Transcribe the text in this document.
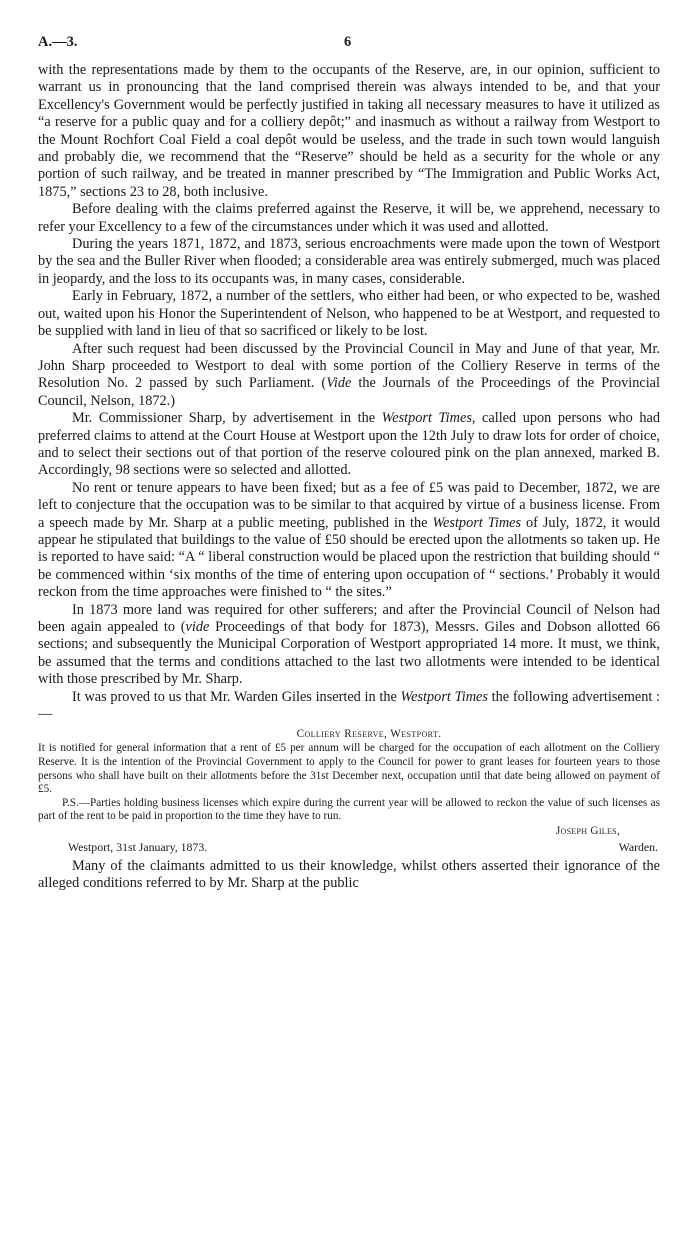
A.—3.	6

with the representations made by them to the occupants of the Reserve, are, in our opinion, sufficient to warrant us in pronouncing that the land comprised therein was always intended to be, and that your Excellency's Government would be perfectly justified in taking all necessary measures to have it utilized as “a reserve for a public quay and for a colliery depôt;” and inasmuch as without a railway from Westport to the Mount Rochfort Coal Field a coal depôt would be useless, and the trade in such town would languish and probably die, we recommend that the “Reserve” should be held as a security for the whole or any portion of such railway, and be treated in manner prescribed by “The Immigration and Public Works Act, 1875,” sections 23 to 28, both inclusive.

Before dealing with the claims preferred against the Reserve, it will be, we apprehend, necessary to refer your Excellency to a few of the circumstances under which it was used and allotted.

During the years 1871, 1872, and 1873, serious encroachments were made upon the town of Westport by the sea and the Buller River when flooded; a considerable area was entirely submerged, much was placed in jeopardy, and the loss to its occupants was, in many cases, considerable.

Early in February, 1872, a number of the settlers, who either had been, or who expected to be, washed out, waited upon his Honor the Superintendent of Nelson, who happened to be at Westport, and requested to be supplied with land in lieu of that so sacrificed or likely to be lost.

After such request had been discussed by the Provincial Council in May and June of that year, Mr. John Sharp proceeded to Westport to deal with some portion of the Colliery Reserve in terms of the Resolution No. 2 passed by such Parliament. (Vide the Journals of the Proceedings of the Provincial Council, Nelson, 1872.)

Mr. Commissioner Sharp, by advertisement in the Westport Times, called upon persons who had preferred claims to attend at the Court House at Westport upon the 12th July to draw lots for order of choice, and to select their sections out of that portion of the reserve coloured pink on the plan annexed, marked B. Accordingly, 98 sections were so selected and allotted.

No rent or tenure appears to have been fixed; but as a fee of £5 was paid to December, 1872, we are left to conjecture that the occupation was to be similar to that acquired by virtue of a business license. From a speech made by Mr. Sharp at a public meeting, published in the Westport Times of July, 1872, it would appear he stipulated that buildings to the value of £50 should be erected upon the allotments so taken up. He is reported to have said: “A “ liberal construction would be placed upon the restriction that building should “ be commenced within ‘six months of the time of entering upon occupation of “ sections.’ Probably it would reckon from the time approaches were finished to “ the sites.”

In 1873 more land was required for other sufferers; and after the Provincial Council of Nelson had been again appealed to (vide Proceedings of that body for 1873), Messrs. Giles and Dobson allotted 66 sections; and subsequently the Municipal Corporation of Westport appropriated 14 more. It must, we think, be assumed that the terms and conditions attached to the last two allotments were intended to be identical with those prescribed by Mr. Sharp.

It was proved to us that Mr. Warden Giles inserted in the Westport Times the following advertisement :—

Colliery Reserve, Westport.

It is notified for general information that a rent of £5 per annum will be charged for the occupation of each allotment on the Colliery Reserve. It is the intention of the Provincial Government to apply to the Council for power to grant leases for fourteen years to those persons who shall have built on their allotments before the 31st December next, occupation until that date being allowed on payment of £5.

P.S.—Parties holding business licenses which expire during the current year will be allowed to reckon the value of such licenses as part of the rent to be paid in proportion to the time they have to run.

Joseph Giles,
Westport, 31st January, 1873.	Warden.

Many of the claimants admitted to us their knowledge, whilst others asserted their ignorance of the alleged conditions referred to by Mr. Sharp at the public
